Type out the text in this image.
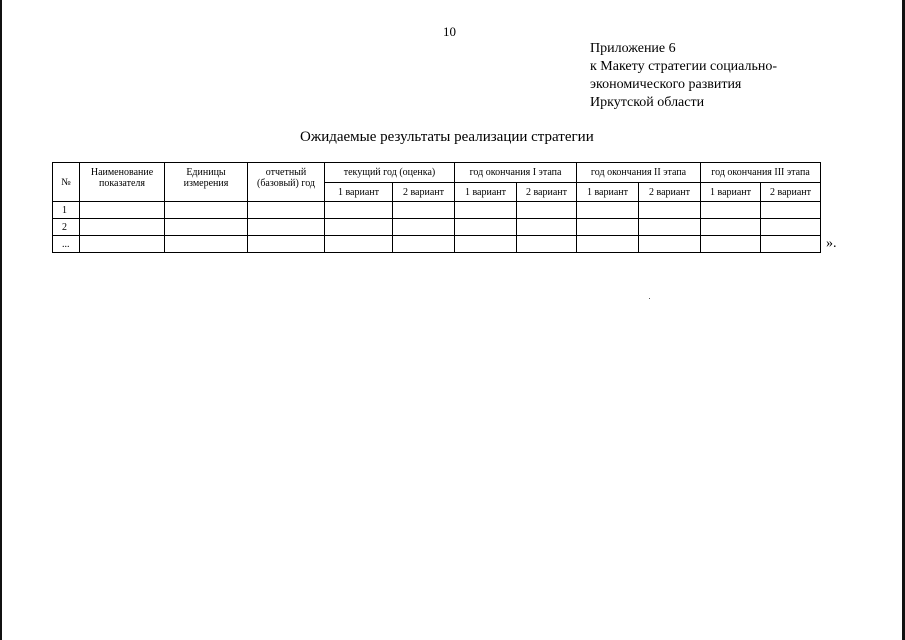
10
Приложение 6
к Макету стратегии социально-
экономического развития
Иркутской области
Ожидаемые результаты реализации стратегии
№	Наименование показателя	Единицы измерения	отчетный (базовый) год	текущий год (оценка)		год окончания I этапа		год окончания II этапа		год окончания III этапа	
				1 вариант	2 вариант	1 вариант	2 вариант	1 вариант	2 вариант	1 вариант	2 вариант
1											
2											
...												».
